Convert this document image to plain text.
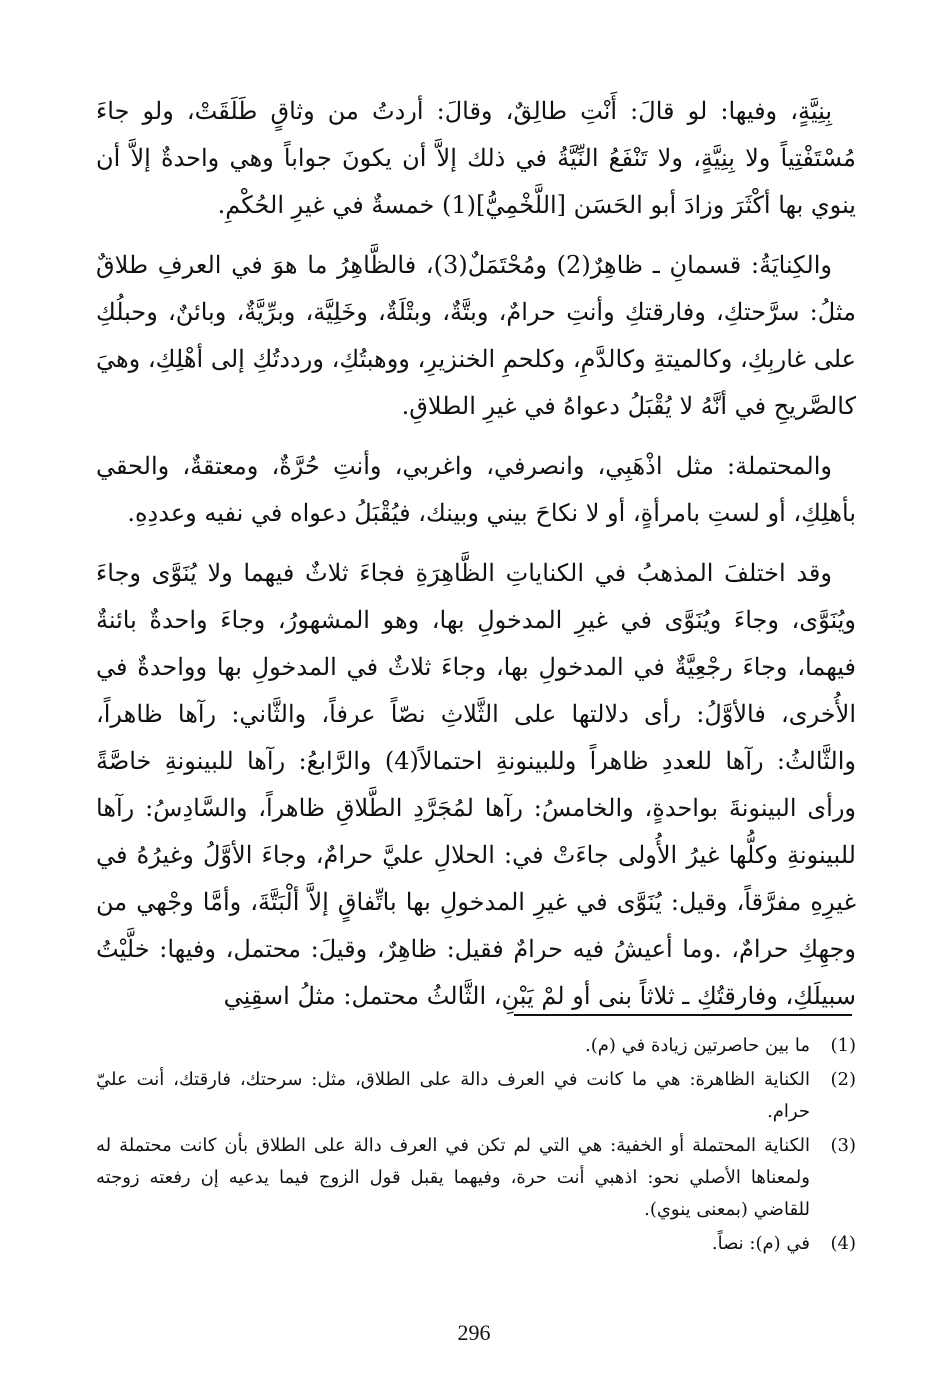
بِنِيَّةٍ، وفيها: لو قالَ: أَنْتِ طالِقٌ، وقالَ: أردتُ من وثاقٍ طَلَقَتْ، ولو جاءَ مُسْتَفْتِياً ولا بِنِيَّةٍ، ولا تَنْفَعُ النِّيَّةُ في ذلك إلاَّ أن يكونَ جواباً وهي واحدةٌ إلاَّ أن ينوي بها أكْثَرَ وزادَ أبو الحَسَن [اللَّخْمِيُّ](1) خمسةٌ في غيرِ الحُكْمِ.

والكِنايَةُ: قسمانِ ـ ظاهِرٌ(2) ومُحْتَمَلٌ(3)، فالظَّاهِرُ ما هوَ في العرفِ طلاقٌ مثلُ: سرَّحتكِ، وفارقتكِ وأنتِ حرامٌ، وبتَّةٌ، وبتْلَةٌ، وخَلِيَّة، وبرِّيَّةٌ، وبائنٌ، وحبلُكِ على غاربِكِ، وكالميتةِ وكالدَّمِ، وكلحمِ الخنزيرِ، ووهبتُكِ، ورددتُكِ إلى أهْلِكِ، وهيَ كالصَّريحِ في أنَّهُ لا يُقْبَلُ دعواهُ في غيرِ الطلاقِ.

والمحتملة: مثل اذْهَبِي، وانصرفي، واغربي، وأنتِ حُرَّةٌ، ومعتقةٌ، والحقي بأهلِكِ، أو لستِ بامرأةٍ، أو لا نكاحَ بيني وبينك، فيُقْبَلُ دعواه في نفيه وعددِهِ.

وقد اختلفَ المذهبُ في الكناياتِ الظَّاهِرَةِ فجاءَ ثلاثٌ فيهما ولا يُنَوَّى وجاءَ ويُنَوَّى، وجاءَ ويُنَوَّى في غيرِ المدخولِ بها، وهو المشهورُ، وجاءَ واحدةٌ بائنةٌ فيهما، وجاءَ رجْعِيَّةٌ في المدخولِ بها، وجاءَ ثلاثٌ في المدخولِ بها وواحدةٌ في الأُخرى، فالأوَّلُ: رأى دلالتها على الثَّلاثِ نصّاً عرفاً، والثَّاني: رآها ظاهراً، والثَّالثُ: رآها للعددِ ظاهراً وللبينونةِ احتمالاً(4) والرَّابعُ: رآها للبينونةِ خاصَّةً ورأى البينونةَ بواحدةٍ، والخامسُ: رآها لمُجَرَّدِ الطَّلاقِ ظاهراً، والسَّادِسُ: رآها للبينونةِ وكلُّها غيرُ الأُولى جاءَتْ في: الحلالِ عليَّ حرامٌ، وجاءَ الأوَّلُ وغيرُهُ في غيرِهِ مفرَّقاً، وقيل: يُنَوَّى في غيرِ المدخولِ بها باتِّفاقٍ إلاَّ ألْبَتَّةَ، وأمَّا وجْهي من وجهِكِ حرامٌ، .وما أعيشُ فيه حرامٌ فقيل: ظاهِرٌ، وقيلَ: محتمل، وفيها: خلَّيْتُ سبيلَكِ، وفارقتُكِ ـ ثلاثاً بنى أو لمْ يَبْنِ، الثَّالثُ محتمل: مثلُ اسقِنِي

(1)
ما بين حاصرتين زيادة في (م).
(2)
الكناية الظاهرة: هي ما كانت في العرف دالة على الطلاق، مثل: سرحتك، فارقتك، أنت عليّ حرام.
(3)
الكناية المحتملة أو الخفية: هي التي لم تكن في العرف دالة على الطلاق بأن كانت محتملة له ولمعناها الأصلي نحو: اذهبي أنت حرة، وفيهما يقبل قول الزوج فيما يدعيه إن رفعته زوجته للقاضي (بمعنى ينوي).
(4)
في (م): نصاً.
296
